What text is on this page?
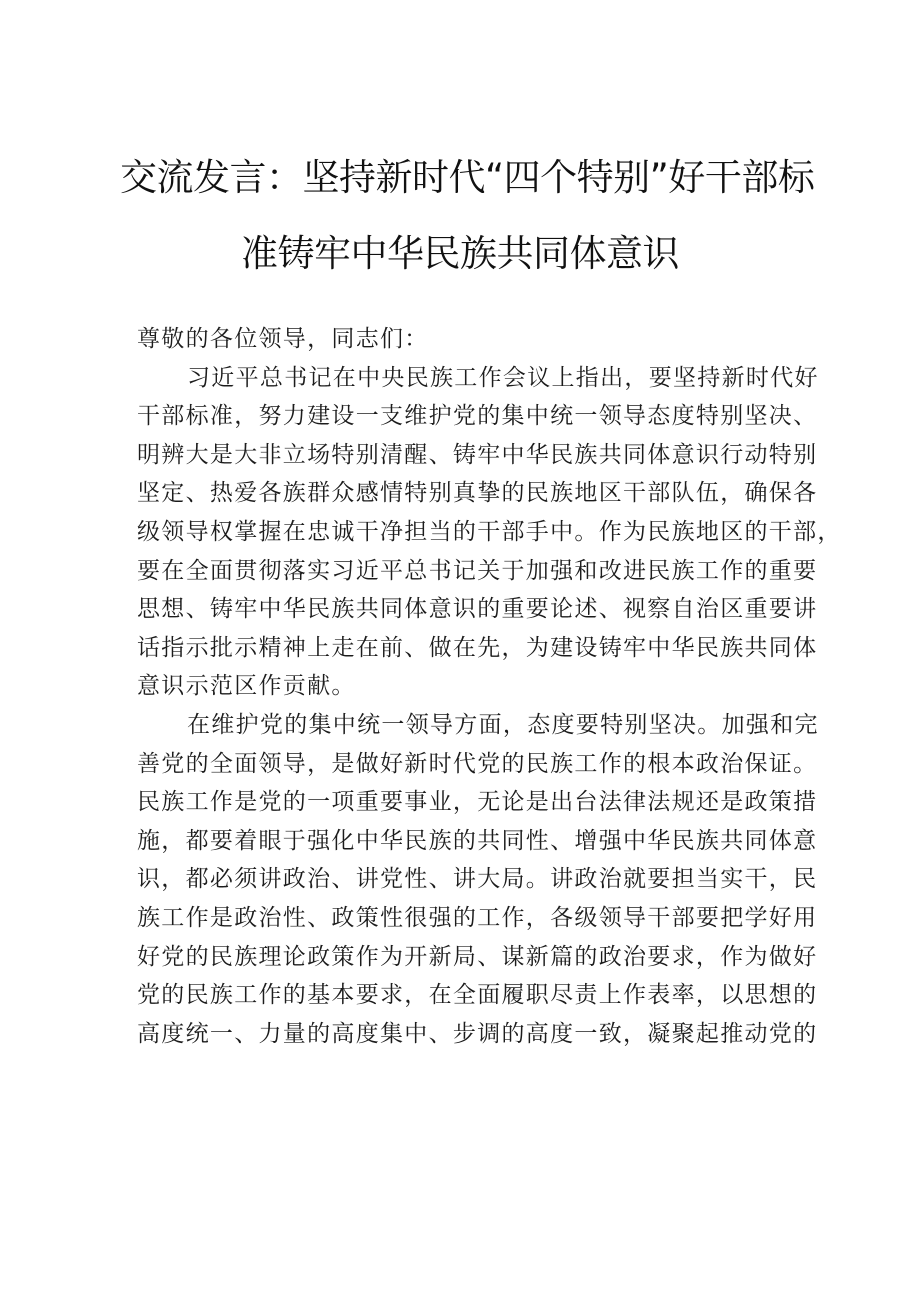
交流发言：坚持新时代“四个特别”好干部标
准铸牢中华民族共同体意识
尊敬的各位领导，同志们：
习近平总书记在中央民族工作会议上指出，要坚持新时代好
干部标准，努力建设一支维护党的集中统一领导态度特别坚决、
明辨大是大非立场特别清醒、铸牢中华民族共同体意识行动特别
坚定、热爱各族群众感情特别真挚的民族地区干部队伍，确保各
级领导权掌握在忠诚干净担当的干部手中。作为民族地区的干部，
要在全面贯彻落实习近平总书记关于加强和改进民族工作的重要
思想、铸牢中华民族共同体意识的重要论述、视察自治区重要讲
话指示批示精神上走在前、做在先，为建设铸牢中华民族共同体
意识示范区作贡献。
在维护党的集中统一领导方面，态度要特别坚决。加强和完
善党的全面领导，是做好新时代党的民族工作的根本政治保证。
民族工作是党的一项重要事业，无论是出台法律法规还是政策措
施，都要着眼于强化中华民族的共同性、增强中华民族共同体意
识，都必须讲政治、讲党性、讲大局。讲政治就要担当实干，民
族工作是政治性、政策性很强的工作，各级领导干部要把学好用
好党的民族理论政策作为开新局、谋新篇的政治要求，作为做好
党的民族工作的基本要求，在全面履职尽责上作表率，以思想的
高度统一、力量的高度集中、步调的高度一致，凝聚起推动党的
